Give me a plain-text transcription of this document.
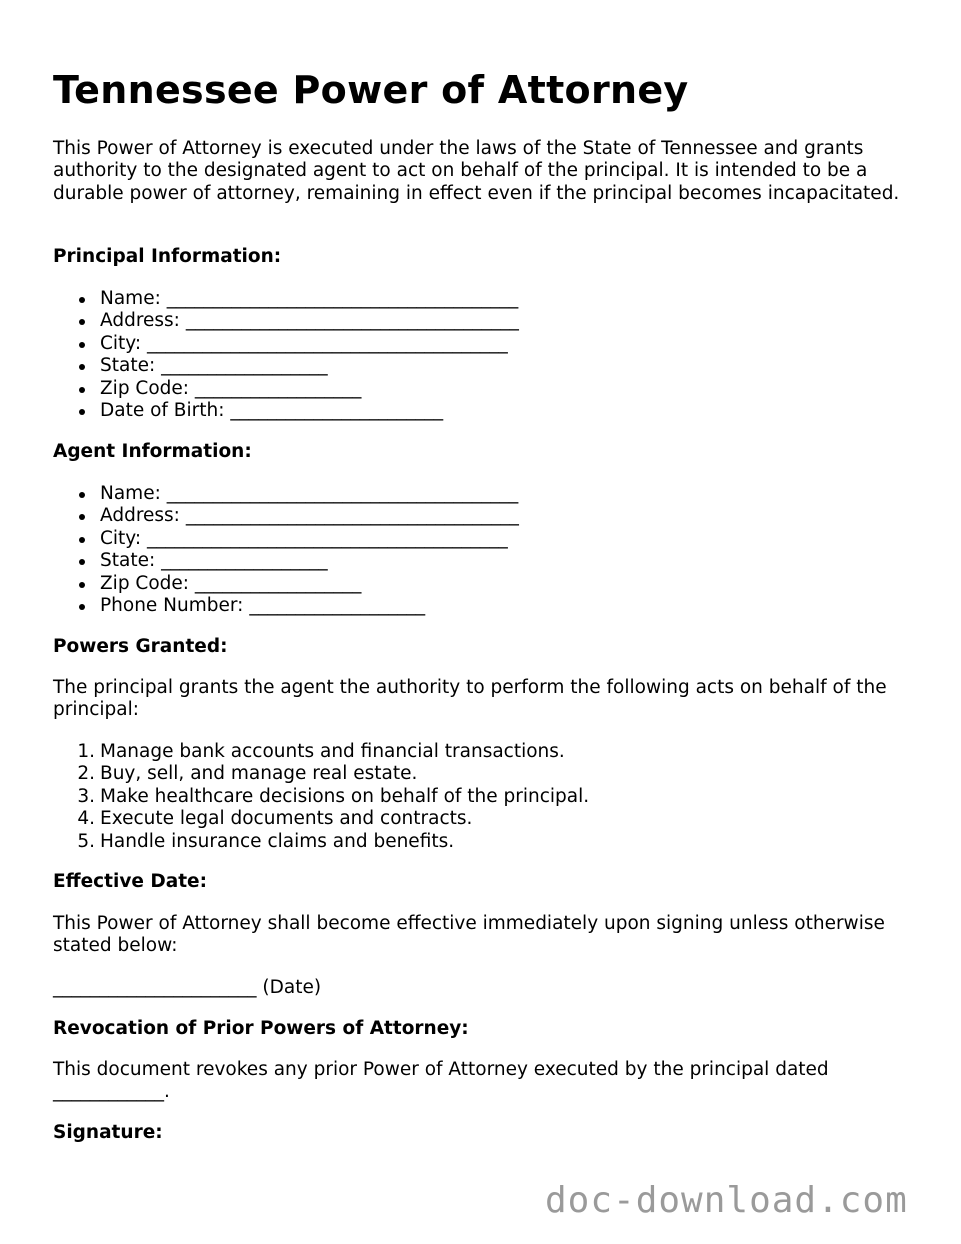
Tennessee Power of Attorney

This Power of Attorney is executed under the laws of the State of Tennessee and grants authority to the designated agent to act on behalf of the principal. It is intended to be a durable power of attorney, remaining in effect even if the principal becomes incapacitated.

Principal Information:

Name: ______________________________________
Address: ____________________________________
City: _______________________________________
State: __________________
Zip Code: __________________
Date of Birth: _______________________

Agent Information:

Name: ______________________________________
Address: ____________________________________
City: _______________________________________
State: __________________
Zip Code: __________________
Phone Number: ___________________

Powers Granted:

The principal grants the agent the authority to perform the following acts on behalf of the principal:

1. Manage bank accounts and financial transactions.
2. Buy, sell, and manage real estate.
3. Make healthcare decisions on behalf of the principal.
4. Execute legal documents and contracts.
5. Handle insurance claims and benefits.

Effective Date:

This Power of Attorney shall become effective immediately upon signing unless otherwise stated below:

______________________ (Date)

Revocation of Prior Powers of Attorney:

This document revokes any prior Power of Attorney executed by the principal dated ____________.

Signature:

doc-download.com
